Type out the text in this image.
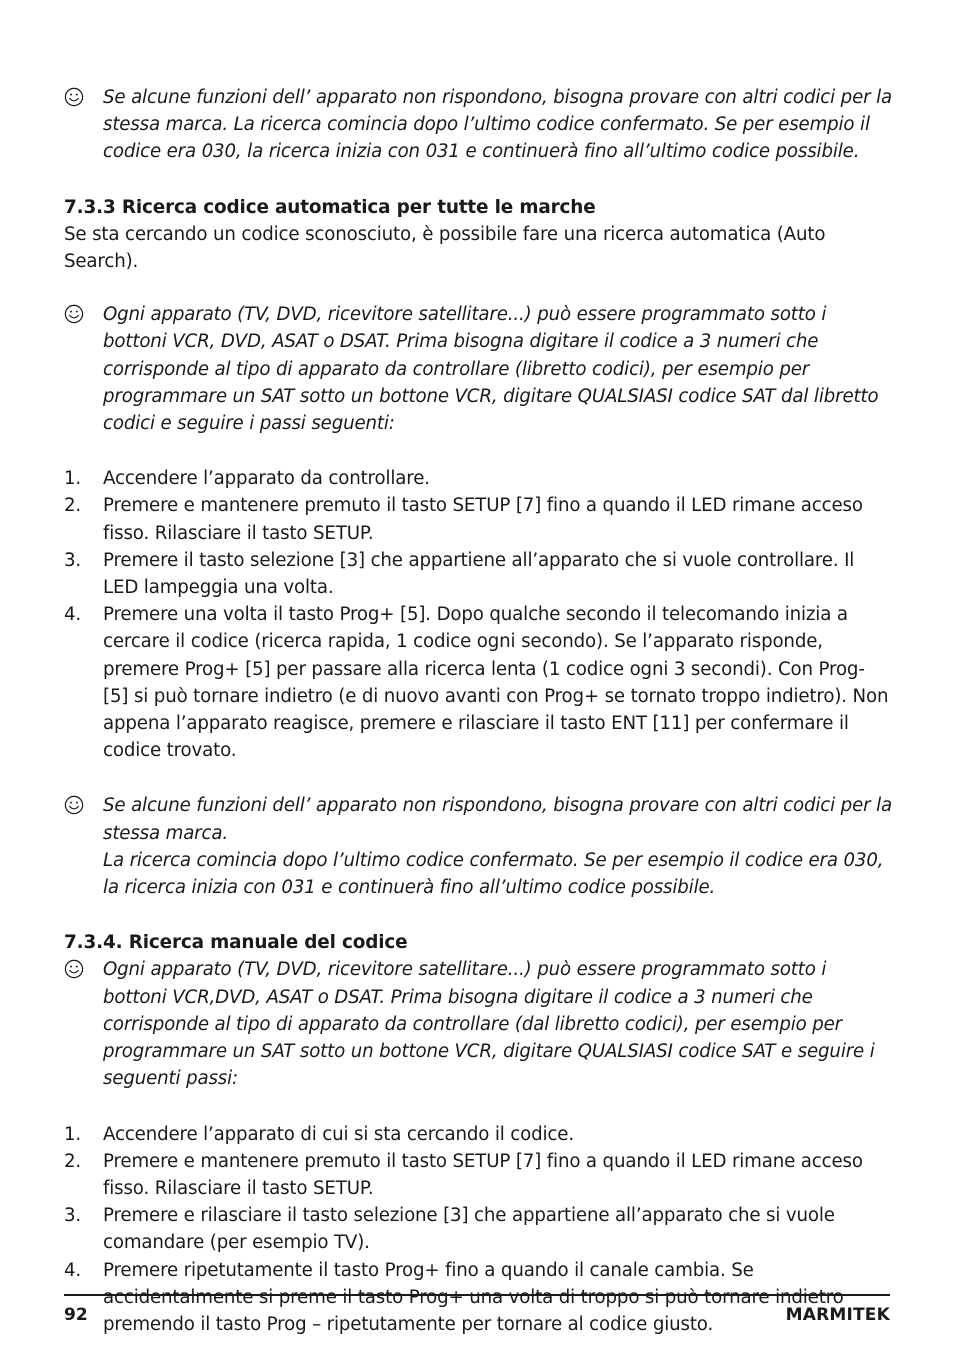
Se alcune funzioni dell’ apparato non rispondono, bisogna provare con altri codici per la stessa marca. La ricerca comincia dopo l’ultimo codice confermato. Se per esempio il codice era 030, la ricerca inizia con 031 e continuerà fino all’ultimo codice possibile.

7.3.3 Ricerca codice automatica per tutte le marche

Se sta cercando un codice sconosciuto, è possibile fare una ricerca automatica (Auto Search).

Ogni apparato (TV, DVD, ricevitore satellitare...) può essere programmato sotto i bottoni VCR, DVD, ASAT o DSAT. Prima bisogna digitare il codice a 3 numeri che corrisponde al tipo di apparato da controllare (libretto codici), per esempio per programmare un SAT sotto un bottone VCR, digitare QUALSIASI codice SAT dal libretto codici e seguire i passi seguenti:

1. Accendere l’apparato da controllare.
2. Premere e mantenere premuto il tasto SETUP [7] fino a quando il LED rimane acceso fisso. Rilasciare il tasto SETUP.
3. Premere il tasto selezione [3] che appartiene all’apparato che si vuole controllare. Il LED lampeggia una volta.
4. Premere una volta il tasto Prog+ [5]. Dopo qualche secondo il telecomando inizia a cercare il codice (ricerca rapida, 1 codice ogni secondo). Se l’apparato risponde, premere Prog+ [5] per passare alla ricerca lenta (1 codice ogni 3 secondi). Con Prog- [5] si può tornare indietro (e di nuovo avanti con Prog+ se tornato troppo indietro). Non appena l’apparato reagisce, premere e rilasciare il tasto ENT [11] per confermare il codice trovato.

Se alcune funzioni dell’ apparato non rispondono, bisogna provare con altri codici per la stessa marca.

La ricerca comincia dopo l’ultimo codice confermato. Se per esempio il codice era 030, la ricerca inizia con 031 e continuerà fino all’ultimo codice possibile.

7.3.4. Ricerca manuale del codice

Ogni apparato (TV, DVD, ricevitore satellitare...) può essere programmato sotto i bottoni VCR,DVD, ASAT o DSAT. Prima bisogna digitare il codice a 3 numeri che corrisponde al tipo di apparato da controllare (dal libretto codici), per esempio per programmare un SAT sotto un bottone VCR, digitare QUALSIASI codice SAT e seguire i seguenti passi:

1. Accendere l’apparato di cui si sta cercando il codice.
2. Premere e mantenere premuto il tasto SETUP [7] fino a quando il LED rimane acceso fisso. Rilasciare il tasto SETUP.
3. Premere e rilasciare il tasto selezione [3] che appartiene all’apparato che si vuole comandare (per esempio TV).
4. Premere ripetutamente il tasto Prog+ fino a quando il canale cambia. Se accidentalmente si preme il tasto Prog+ una volta di troppo si può tornare indietro premendo il tasto Prog – ripetutamente per tornare al codice giusto.
92	MARMITEK
